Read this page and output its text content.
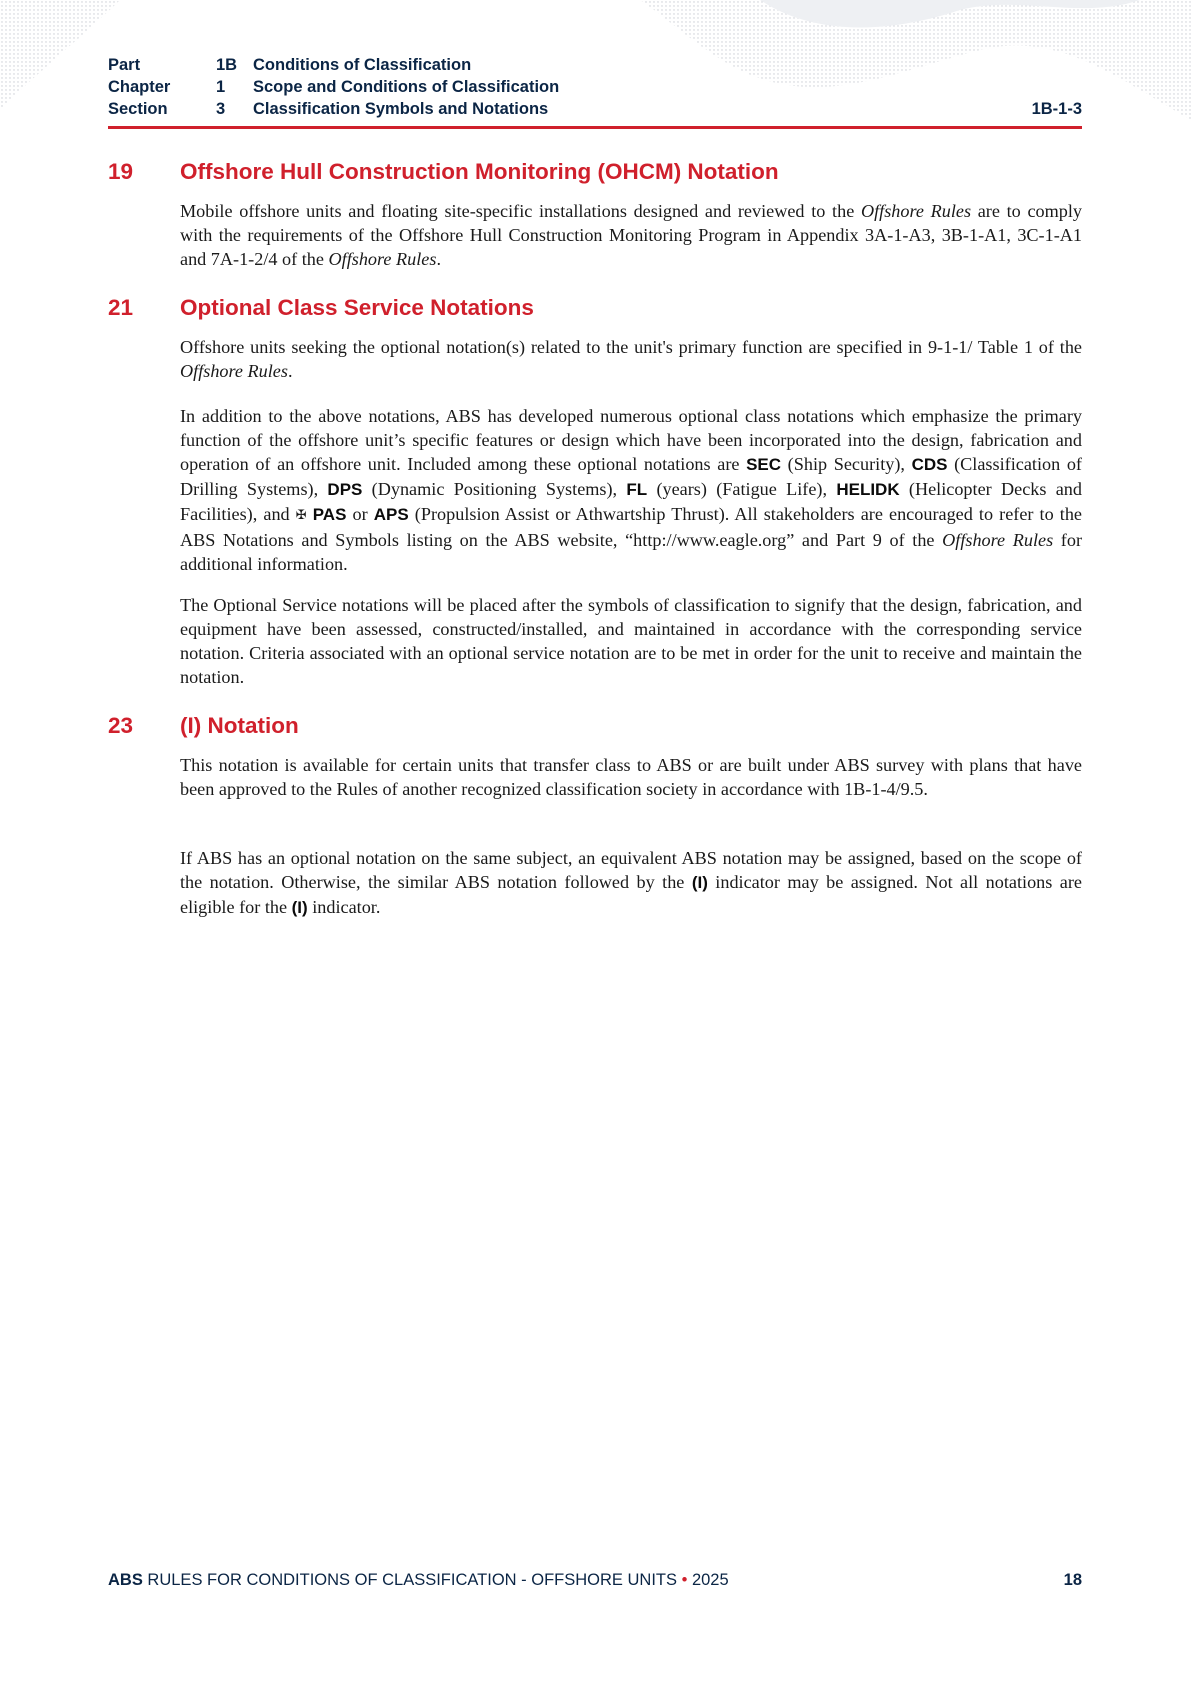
Part	1B Conditions of Classification
Chapter	1	Scope and Conditions of Classification
Section	3	Classification Symbols and Notations	1B-1-3
19 Offshore Hull Construction Monitoring (OHCM) Notation
Mobile offshore units and floating site-specific installations designed and reviewed to the Offshore Rules are to comply with the requirements of the Offshore Hull Construction Monitoring Program in Appendix 3A-1-A3, 3B-1-A1, 3C-1-A1 and 7A-1-2/4 of the Offshore Rules.
21 Optional Class Service Notations
Offshore units seeking the optional notation(s) related to the unit's primary function are specified in 9-1-1/ Table 1 of the Offshore Rules.
In addition to the above notations, ABS has developed numerous optional class notations which emphasize the primary function of the offshore unit’s specific features or design which have been incorporated into the design, fabrication and operation of an offshore unit. Included among these optional notations are SEC (Ship Security), CDS (Classification of Drilling Systems), DPS (Dynamic Positioning Systems), FL (years) (Fatigue Life), HELIDK (Helicopter Decks and Facilities), and ✠ PAS or APS (Propulsion Assist or Athwartship Thrust). All stakeholders are encouraged to refer to the ABS Notations and Symbols listing on the ABS website, “http://www.eagle.org” and Part 9 of the Offshore Rules for additional information.
The Optional Service notations will be placed after the symbols of classification to signify that the design, fabrication, and equipment have been assessed, constructed/installed, and maintained in accordance with the corresponding service notation. Criteria associated with an optional service notation are to be met in order for the unit to receive and maintain the notation.
23 (I) Notation
This notation is available for certain units that transfer class to ABS or are built under ABS survey with plans that have been approved to the Rules of another recognized classification society in accordance with 1B-1-4/9.5.
If ABS has an optional notation on the same subject, an equivalent ABS notation may be assigned, based on the scope of the notation. Otherwise, the similar ABS notation followed by the (I) indicator may be assigned. Not all notations are eligible for the (I) indicator.
ABS RULES FOR CONDITIONS OF CLASSIFICATION - OFFSHORE UNITS • 2025	18
